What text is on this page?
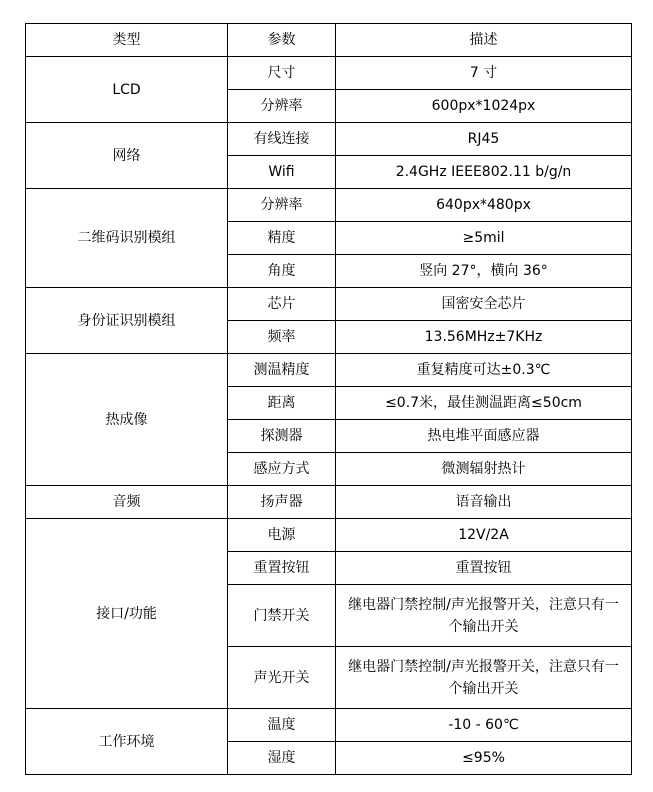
类型	参数	描述
LCD	尺寸	7 寸
	分辨率	600px*1024px
网络	有线连接	RJ45
	Wifi	2.4GHz IEEE802.11 b/g/n
二维码识别模组	分辨率	640px*480px
	精度	≥5mil
	角度	竖向 27°，横向 36°
身份证识别模组	芯片	国密安全芯片
	频率	13.56MHz±7KHz
热成像	测温精度	重复精度可达±0.3℃
	距离	≤0.7米，最佳测温距离≤50cm
	探测器	热电堆平面感应器
	感应方式	微测辐射热计
音频	扬声器	语音输出
接口/功能	电源	12V/2A
	重置按钮	重置按钮
	门禁开关	继电器门禁控制/声光报警开关，注意只有一个输出开关
	声光开关	继电器门禁控制/声光报警开关，注意只有一个输出开关
工作环境	温度	-10 - 60℃
	湿度	≤95%
